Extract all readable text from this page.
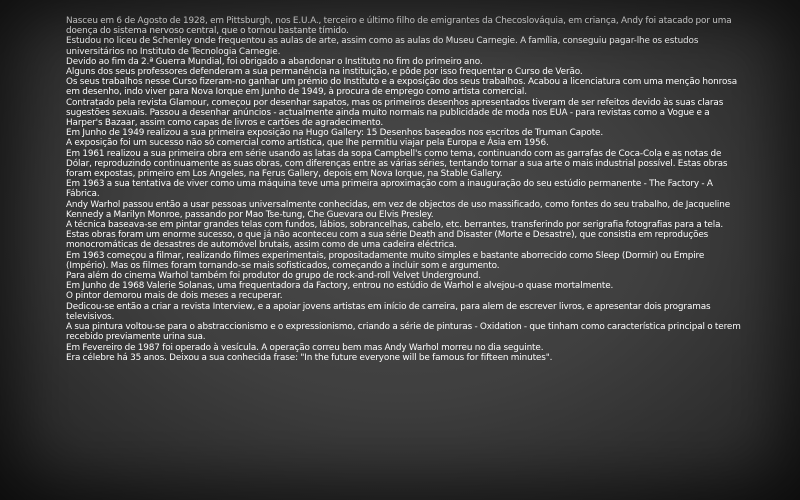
Nasceu em 6 de Agosto de 1928, em Pittsburgh, nos E.U.A., terceiro e último filho de emigrantes da Checoslováquia, em criança, Andy foi atacado por uma doença do sistema nervoso central, que o tornou bastante tímido.

Estudou no liceu de Schenley onde frequentou as aulas de arte, assim como as aulas do Museu Carnegie. A família, conseguiu pagar-lhe os estudos universitários no Instituto de Tecnologia Carnegie.

Devido ao fim da 2.ª Guerra Mundial, foi obrigado a abandonar o Instituto no fim do primeiro ano.

Alguns dos seus professores defenderam a sua permanência na instituição, e pôde por isso frequentar o Curso de Verão.

Os seus trabalhos nesse Curso fizeram-no ganhar um prémio do Instituto e a exposição dos seus trabalhos. Acabou a licenciatura com uma menção honrosa em desenho, indo viver para Nova Iorque em Junho de 1949, à procura de emprego como artista comercial.

Contratado pela revista Glamour, começou por desenhar sapatos, mas os primeiros desenhos apresentados tiveram de ser refeitos devido às suas claras sugestões sexuais. Passou a desenhar anúncios - actualmente ainda muito normais na publicidade de moda nos EUA - para revistas como a Vogue e a Harper's Bazaar, assim como capas de livros e cartões de agradecimento.

Em Junho de 1949 realizou a sua primeira exposição na Hugo Gallery: 15 Desenhos baseados nos escritos de Truman Capote.

A exposição foi um sucesso não só comercial como artística, que lhe permitiu viajar pela Europa e Ásia em 1956.

Em 1961 realizou a sua primeira obra em série usando as latas da sopa Campbell's como tema, continuando com as garrafas de Coca-Cola e as notas de Dólar, reproduzindo continuamente as suas obras, com diferenças entre as várias séries, tentando tornar a sua arte o mais industrial possível. Estas obras foram expostas, primeiro em Los Angeles, na Ferus Gallery, depois em Nova Iorque, na Stable Gallery.

Em 1963 a sua tentativa de viver como uma máquina teve uma primeira aproximação com a inauguração do seu estúdio permanente - The Factory - A Fábrica.

Andy Warhol passou então a usar pessoas universalmente conhecidas, em vez de objectos de uso massificado, como fontes do seu trabalho, de Jacqueline Kennedy a Marilyn Monroe, passando por Mao Tse-tung, Che Guevara ou Elvis Presley.

A técnica baseava-se em pintar grandes telas com fundos, lábios, sobrancelhas, cabelo, etc. berrantes, transferindo por serigrafia fotografias para a tela.

Estas obras foram um enorme sucesso, o que já não aconteceu com a sua série Death and Disaster (Morte e Desastre), que consistia em reproduções monocromáticas de desastres de automóvel brutais, assim como de uma cadeira eléctrica.

Em 1963 começou a filmar, realizando filmes experimentais, propositadamente muito simples e bastante aborrecido como Sleep (Dormir) ou Empire (Império). Mas os filmes foram tornando-se mais sofisticados, começando a incluir som e argumento.

Para além do cinema Warhol também foi produtor do grupo de rock-and-roll Velvet Underground.

Em Junho de 1968 Valerie Solanas, uma frequentadora da Factory, entrou no estúdio de Warhol e alvejou-o quase mortalmente.

O pintor demorou mais de dois meses a recuperar.

Dedicou-se então a criar a revista Interview, e a apoiar jovens artistas em início de carreira, para alem de escrever livros, e apresentar dois programas televisivos.

A sua pintura voltou-se para o abstraccionismo e o expressionismo, criando a série de pinturas - Oxidation - que tinham como característica principal o terem recebido previamente urina sua.

Em Fevereiro de 1987 foi operado à vesícula. A operação correu bem mas Andy Warhol morreu no dia seguinte.

Era célebre há 35 anos. Deixou a sua conhecida frase: "In the future everyone will be famous for fifteen minutes".
